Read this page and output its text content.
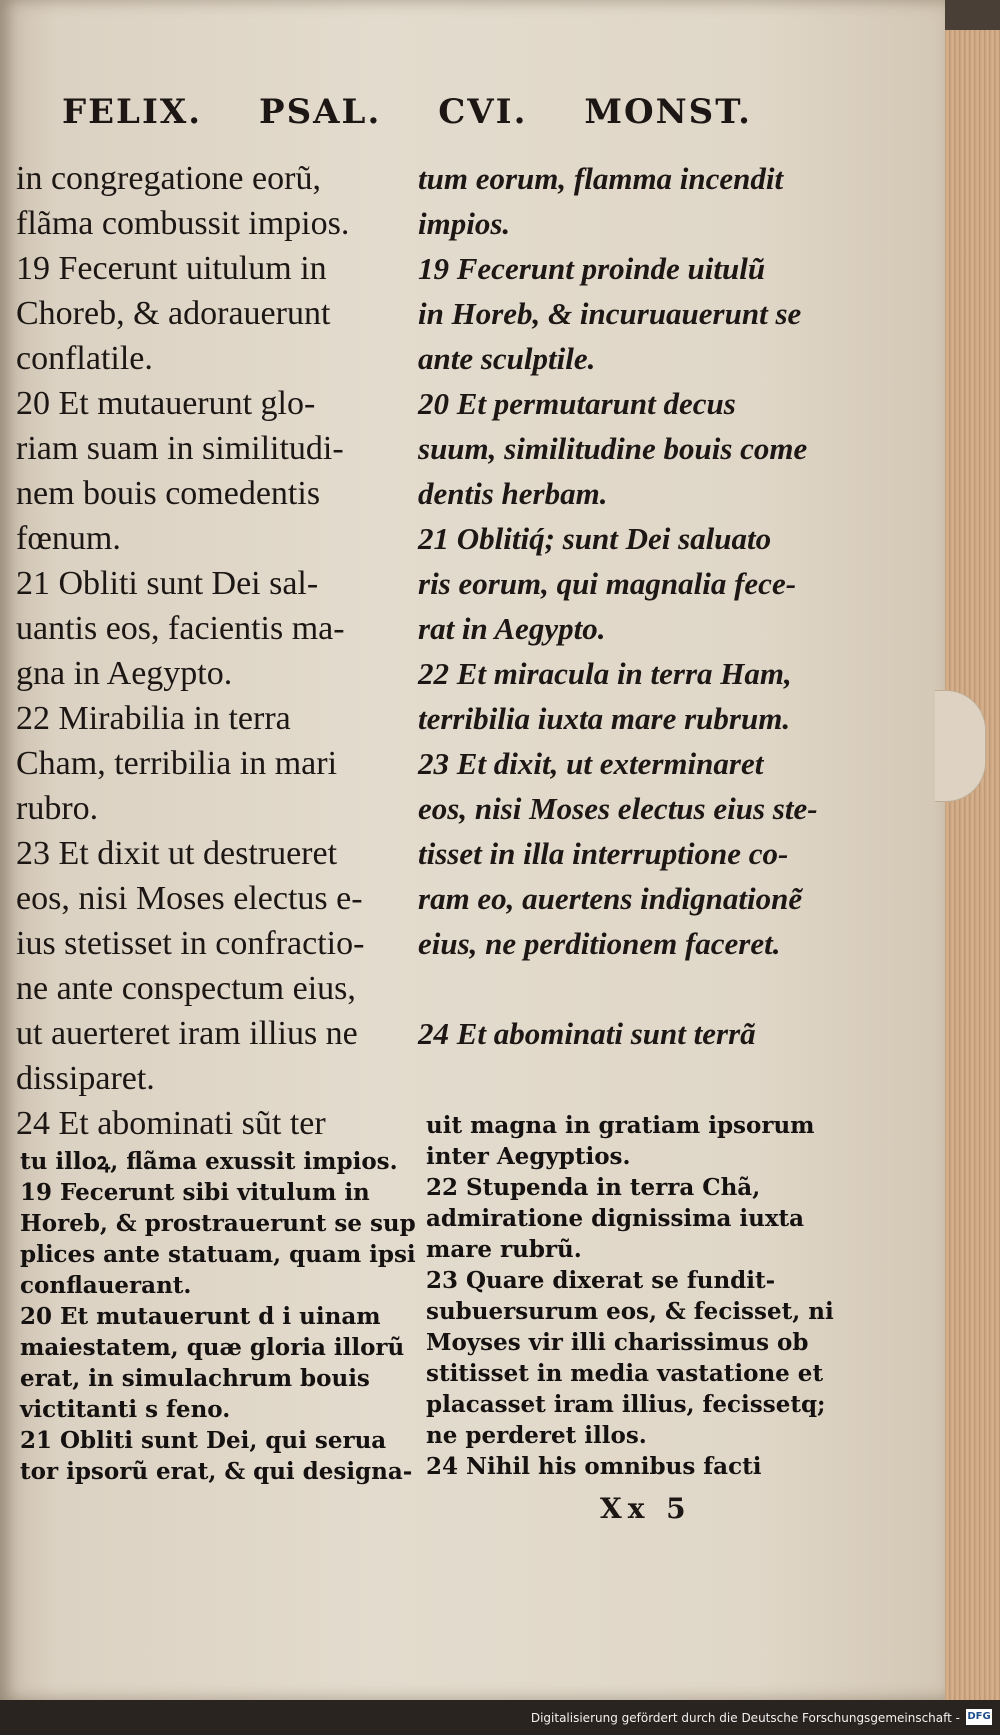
FELIX. PSAL. CVI. MONST.
in congregatione eorũ,
flãma combussit impios.
19 Fecerunt uitulum in
Choreb, & adorauerunt
conflatile.
20 Et mutauerunt glo-
riam suam in similitudi-
nem bouis comedentis
fœnum.
21 Obliti sunt Dei sal-
uantis eos, facientis ma-
gna in Aegypto.
22 Mirabilia in terra
Cham, terribilia in mari
rubro.
23 Et dixit ut destrueret
eos, nisi Moses electus e-
ius stetisset in confractio-
ne ante conspectum eius,
ut auerteret iram illius ne
dissiparet.
24 Et abominati sũt ter
tum eorum, flamma incendit
impios.
19 Fecerunt proinde uitulũ
in Horeb, & incuruauerunt se
ante sculptile.
20 Et permutarunt decus
suum, similitudine bouis come
dentis herbam.
21 Oblitiq́; sunt Dei saluato
ris eorum, qui magnalia fece-
rat in Aegypto.
22 Et miracula in terra Ham,
terribilia iuxta mare rubrum.
23 Et dixit, ut exterminaret
eos, nisi Moses electus eius ste-
tisset in illa interruptione co-
ram eo, auertens indignationẽ
eius, ne perditionem faceret.
24 Et abominati sunt terrã
tu illoꝝ, flãma exussit impios.
19 Fecerunt sibi vitulum in
Horeb, & prostrauerunt se sup
plices ante statuam, quam ipsi
conflauerant.
20 Et mutauerunt d i uinam
maiestatem, quæ gloria illorũ
erat, in simulachrum bouis
victitanti s feno.
21 Obliti sunt Dei, qui serua
tor ipsorũ erat, & qui designa-
uit magna in gratiam ipsorum
inter Aegyptios.
22 Stupenda in terra Chã,
admiratione dignissima iuxta
mare rubrũ.
23 Quare dixerat se fundit-
subuersurum eos, & fecisset, ni
Moyses vir illi charissimus ob
stitisset in media vastatione et
placasset iram illius, fecissetq;
ne perderet illos.
24 Nihil his omnibus facti
Xx 5
Digitalisierung gefördert durch die Deutsche Forschungsgemeinschaft - DFG
